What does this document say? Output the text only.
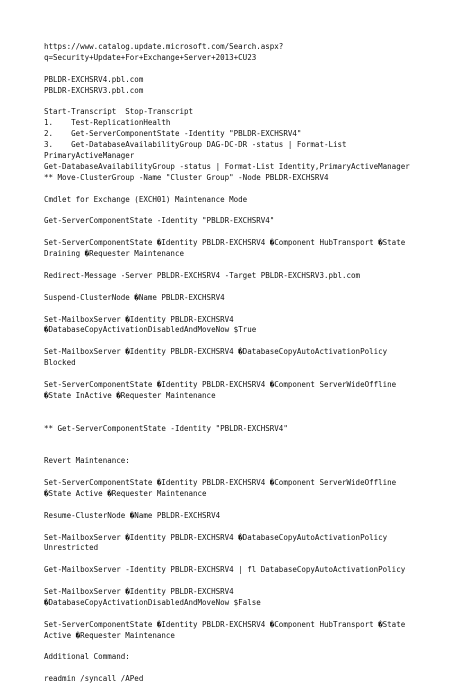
https://www.catalog.update.microsoft.com/Search.aspx?
q=Security+Update+For+Exchange+Server+2013+CU23
PBLDR-EXCHSRV4.pbl.com
PBLDR-EXCHSRV3.pbl.com
Start-Transcript  Stop-Transcript
1.    Test-ReplicationHealth
2.    Get-ServerComponentState -Identity "PBLDR-EXCHSRV4"
3.    Get-DatabaseAvailabilityGroup DAG-DC-DR -status | Format-List
PrimaryActiveManager
Get-DatabaseAvailabilityGroup -status | Format-List Identity,PrimaryActiveManager
** Move-ClusterGroup -Name "Cluster Group" -Node PBLDR-EXCHSRV4
Cmdlet for Exchange (EXCH01) Maintenance Mode
Get-ServerComponentState -Identity "PBLDR-EXCHSRV4"
Set-ServerComponentState �Identity PBLDR-EXCHSRV4 �Component HubTransport �State
Draining �Requester Maintenance
Redirect-Message -Server PBLDR-EXCHSRV4 -Target PBLDR-EXCHSRV3.pbl.com
Suspend-ClusterNode �Name PBLDR-EXCHSRV4
Set-MailboxServer �Identity PBLDR-EXCHSRV4
�DatabaseCopyActivationDisabledAndMoveNow $True
Set-MailboxServer �Identity PBLDR-EXCHSRV4 �DatabaseCopyAutoActivationPolicy
Blocked
Set-ServerComponentState �Identity PBLDR-EXCHSRV4 �Component ServerWideOffline
�State InActive �Requester Maintenance
** Get-ServerComponentState -Identity "PBLDR-EXCHSRV4"
Revert Maintenance:
Set-ServerComponentState �Identity PBLDR-EXCHSRV4 �Component ServerWideOffline
�State Active �Requester Maintenance
Resume-ClusterNode �Name PBLDR-EXCHSRV4
Set-MailboxServer �Identity PBLDR-EXCHSRV4 �DatabaseCopyAutoActivationPolicy
Unrestricted
Get-MailboxServer -Identity PBLDR-EXCHSRV4 | fl DatabaseCopyAutoActivationPolicy
Set-MailboxServer �Identity PBLDR-EXCHSRV4
�DatabaseCopyActivationDisabledAndMoveNow $False
Set-ServerComponentState �Identity PBLDR-EXCHSRV4 �Component HubTransport �State
Active �Requester Maintenance
Additional Command:
readmin /syncall /APed
